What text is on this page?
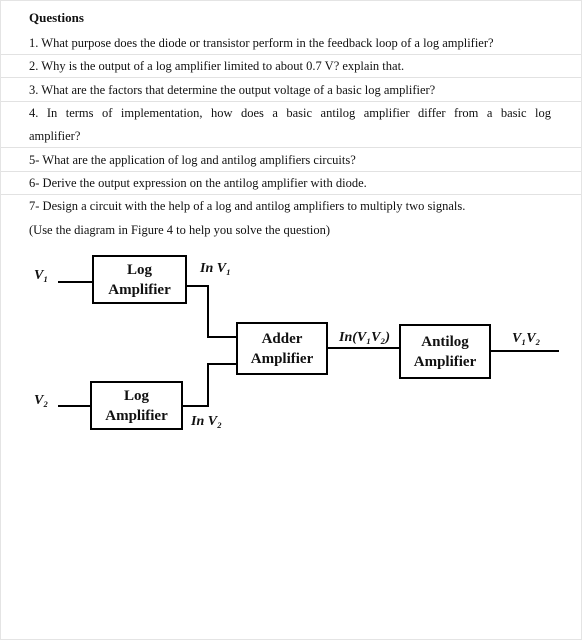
Questions
1. What purpose does the diode or transistor perform in the feedback loop of a log amplifier?
2. Why is the output of a log amplifier limited to about 0.7 V? explain that.
3. What are the factors that determine the output voltage of a basic log amplifier?
4. In terms of implementation, how does a basic antilog amplifier differ from a basic log
amplifier?
5- What are the application of log and antilog amplifiers circuits?
6- Derive the output expression on the antilog amplifier with diode.
7- Design a circuit with the help of a log and antilog amplifiers to multiply two signals.
(Use the diagram in Figure 4 to help you solve the question)
Log
Amplifier
Log
Amplifier
Adder
Amplifier
Antilog
Amplifier
V₁
V₂
In V₁
In V₂
In(V₁V₂)	V₁V₂
